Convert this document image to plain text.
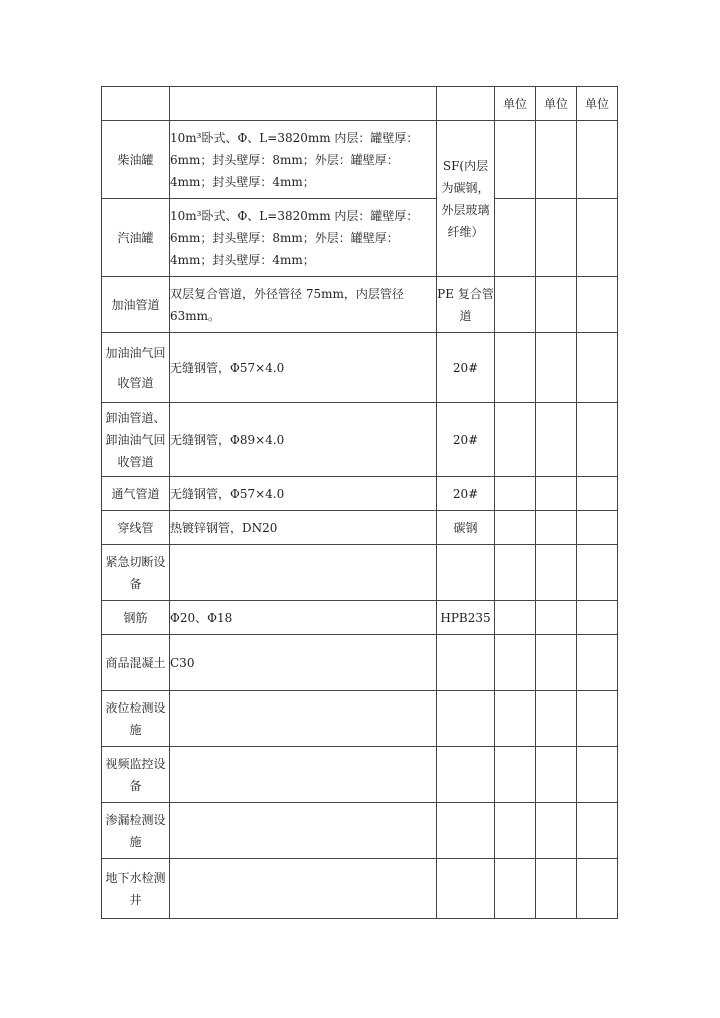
			单位	单位	单位
柴油罐	10m³卧式、Φ、L=3820mm 内层：罐壁厚：6mm；封头壁厚：8mm；外层：罐壁厚：4mm；封头壁厚：4mm；	SF(内层为碳钢，外层玻璃纤维）			
汽油罐	10m³卧式、Φ、L=3820mm 内层：罐壁厚：6mm；封头壁厚：8mm；外层：罐壁厚：4mm；封头壁厚：4mm；				
加油管道	双层复合管道，外径管径 75mm，内层管径 63mm。	PE 复合管道			
加油油气回收管道	无缝钢管，Φ57×4.0	20#			
卸油管道、卸油油气回收管道	无缝钢管，Φ89×4.0	20#			
通气管道	无缝钢管，Φ57×4.0	20#			
穿线管	热镀锌钢管，DN20	碳钢			
紧急切断设备					
钢筋	Φ20、Φ18	HPB235			
商品混凝土	C30				
液位检测设施					
视频监控设备					
渗漏检测设施					
地下水检测井					
